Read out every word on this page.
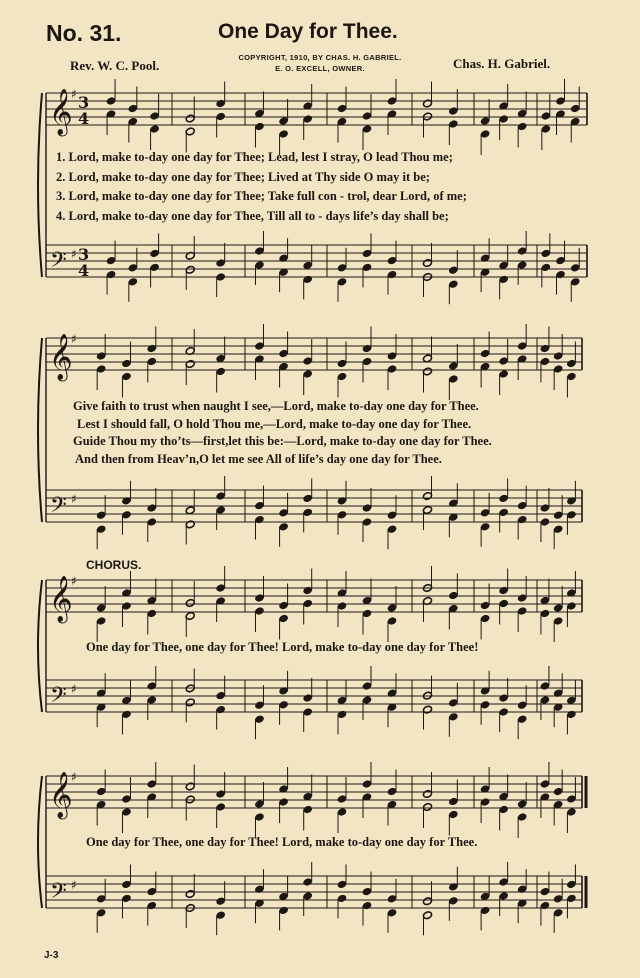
No. 31.	One Day for Thee.
Rev. W. C. Pool.
COPYRIGHT, 1910, BY CHAS. H. GABRIEL.
E. O. EXCELL, OWNER.	Chas. H. Gabriel.
𝄞
𝄢
♯
♯
3
4
3
4
𝄞
𝄢
♯
♯
𝄞
𝄢
♯
♯
𝄞
𝄢
♯
♯
1. Lord, make to-day one day for Thee; Lead, lest I stray, O lead Thou me;
2. Lord, make to-day one day for Thee; Lived at Thy side O may it be;
3. Lord, make to-day one day for Thee; Take full con - trol, dear Lord, of me;
4. Lord, make to-day one day for Thee, Till all to - days life’s day shall be;
Give faith to trust when naught I see,—Lord, make to-day one day for Thee.
Lest I should fall, O hold Thou me,—Lord, make to-day one day for Thee.
Guide Thou my tho’ts—first,let this be:—Lord, make to-day one day for Thee.
And then from Heav’n,O let me see All of life’s day one day for Thee.
CHORUS.
One day for Thee, one day for Thee! Lord, make to-day one day for Thee!
One day for Thee, one day for Thee! Lord, make to-day one day for Thee.
J-3
